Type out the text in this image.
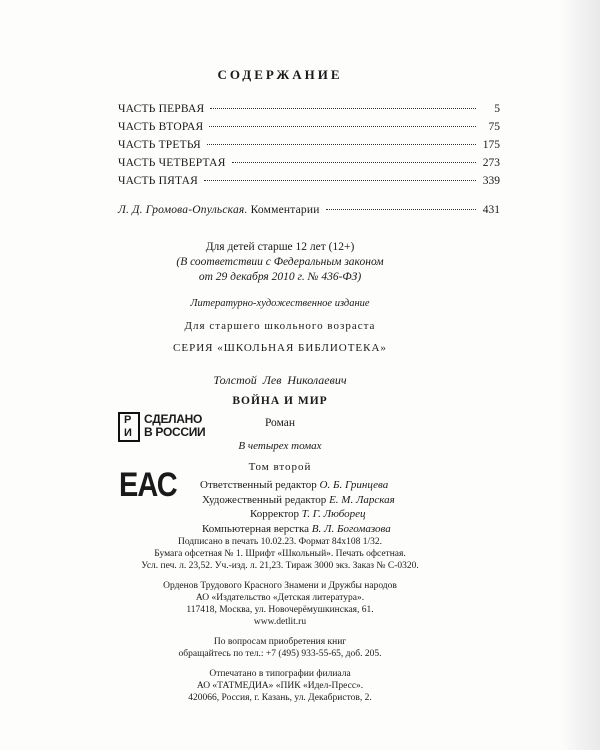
СОДЕРЖАНИЕ
ЧАСТЬ ПЕРВАЯ	5
ЧАСТЬ ВТОРАЯ	75
ЧАСТЬ ТРЕТЬЯ	175
ЧАСТЬ ЧЕТВЕРТАЯ	273
ЧАСТЬ ПЯТАЯ	339
Л. Д. Громова-Опульская. Комментарии	431
Для детей старше 12 лет (12+)
(В соответствии с Федеральным законом
от 29 декабря 2010 г. № 436-ФЗ)
Литературно-художественное издание
Для старшего школьного возраста
СЕРИЯ «ШКОЛЬНАЯ БИБЛИОТЕКА»
Толстой Лев Николаевич
ВОЙНА И МИР
Роман
В четырех томах
Том второй
Р
И
СДЕЛАНО
В РОССИИ
ЕАС Ответственный редактор О. Б. Гринцева
Художественный редактор Е. М. Ларская
Корректор Т. Г. Люборец
Компьютерная верстка В. Л. Богомазова
Подписано в печать 10.02.23. Формат 84х108 1/32.
Бумага офсетная № 1. Шрифт «Школьный». Печать офсетная.
Усл. печ. л. 23,52. Уч.-изд. л. 21,23. Тираж 3000 экз. Заказ № С-0320.
Орденов Трудового Красного Знамени и Дружбы народов
АО «Издательство «Детская литература».
117418, Москва, ул. Новочерёмушкинская, 61.
www.detlit.ru
По вопросам приобретения книг
обращайтесь по тел.: +7 (495) 933-55-65, доб. 205.
Отпечатано в типографии филиала
АО «ТАТМЕДИА» «ПИК «Идел-Пресс».
420066, Россия, г. Казань, ул. Декабристов, 2.
